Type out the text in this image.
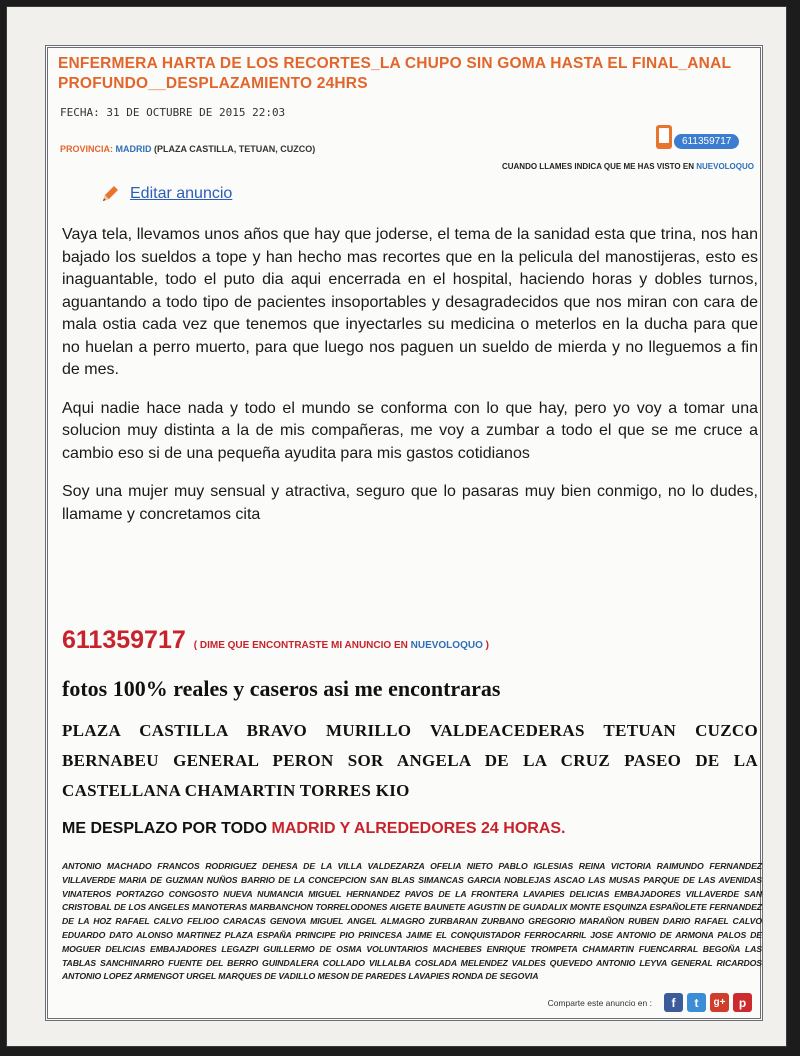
ENFERMERA HARTA DE LOS RECORTES_LA CHUPO SIN GOMA HASTA EL FINAL_ANAL PROFUNDO__DESPLAZAMIENTO 24HRS
FECHA: 31 DE OCTUBRE DE 2015 22:03
PROVINCIA: MADRID (PLAZA CASTILLA, TETUAN, CUZCO)
611359717
CUANDO LLAMES INDICA QUE ME HAS VISTO EN NUEVOLOQUO
Editar anuncio

Vaya tela, llevamos unos años que hay que joderse, el tema de la sanidad esta que trina, nos han bajado los sueldos a tope y han hecho mas recortes que en la pelicula del manostijeras, esto es inaguantable, todo el puto dia aqui encerrada en el hospital, haciendo horas y dobles turnos, aguantando a todo tipo de pacientes insoportables y desagradecidos que nos miran con cara de mala ostia cada vez que tenemos que inyectarles su medicina o meterlos en la ducha para que no huelan a perro muerto, para que luego nos paguen un sueldo de mierda y no lleguemos a fin de mes.

Aqui nadie hace nada y todo el mundo se conforma con lo que hay, pero yo voy a tomar una solucion muy distinta a la de mis compañeras, me voy a zumbar a todo el que se me cruce a cambio eso si de una pequeña ayudita para mis gastos cotidianos

Soy una mujer muy sensual y atractiva, seguro que lo pasaras muy bien conmigo, no lo dudes, llamame y concretamos cita

611359717 ( DIME QUE ENCONTRASTE MI ANUNCIO EN NUEVOLOQUO )
fotos 100% reales y caseros asi me encontraras
PLAZA CASTILLA BRAVO MURILLO VALDEACEDERAS TETUAN CUZCO BERNABEU GENERAL PERON SOR ANGELA DE LA CRUZ PASEO DE LA CASTELLANA CHAMARTIN TORRES KIO
ME DESPLAZO POR TODO MADRID Y ALREDEDORES 24 HORAS.
ANTONIO MACHADO FRANCOS RODRIGUEZ DEHESA DE LA VILLA VALDEZARZA OFELIA NIETO PABLO IGLESIAS REINA VICTORIA RAIMUNDO FERNANDEZ VILLAVERDE MARIA DE GUZMAN NUÑOS BARRIO DE LA CONCEPCION SAN BLAS SIMANCAS GARCIA NOBLEJAS ASCAO LAS MUSAS PARQUE DE LAS AVENIDAS VINATEROS PORTAZGO CONGOSTO NUEVA NUMANCIA MIGUEL HERNANDEZ PAVOS DE LA FRONTERA LAVAPIES DELICIAS EMBAJADORES VILLAVERDE SAN CRISTOBAL DE LOS ANGELES MANOTERAS MARBANCHON TORRELODONES AIGETE BAUNETE AGUSTIN DE GUADALIX MONTE ESQUINZA ESPAÑOLETE FERNANDEZ DE LA HOZ RAFAEL CALVO FELIOO CARACAS GENOVA MIGUEL ANGEL ALMAGRO ZURBARAN ZURBANO GREGORIO MARAÑON RUBEN DARIO RAFAEL CALVO EDUARDO DATO ALONSO MARTINEZ PLAZA ESPAÑA PRINCIPE PIO PRINCESA JAIME EL CONQUISTADOR FERROCARRIL JOSE ANTONIO DE ARMONA PALOS DE MOGUER DELICIAS EMBAJADORES LEGAZPI GUILLERMO DE OSMA VOLUNTARIOS MACHEBES ENRIQUE TROMPETA CHAMARTIN FUENCARRAL BEGOÑA LAS TABLAS SANCHINARRO FUENTE DEL BERRO GUINDALERA COLLADO VILLALBA COSLADA MELENDEZ VALDES QUEVEDO ANTONIO LEYVA GENERAL RICARDOS ANTONIO LOPEZ ARMENGOT URGEL MARQUES DE VADILLO MESON DE PAREDES LAVAPIES RONDA DE SEGOVIA
Comparte este anuncio en :	f	t	g+	p
